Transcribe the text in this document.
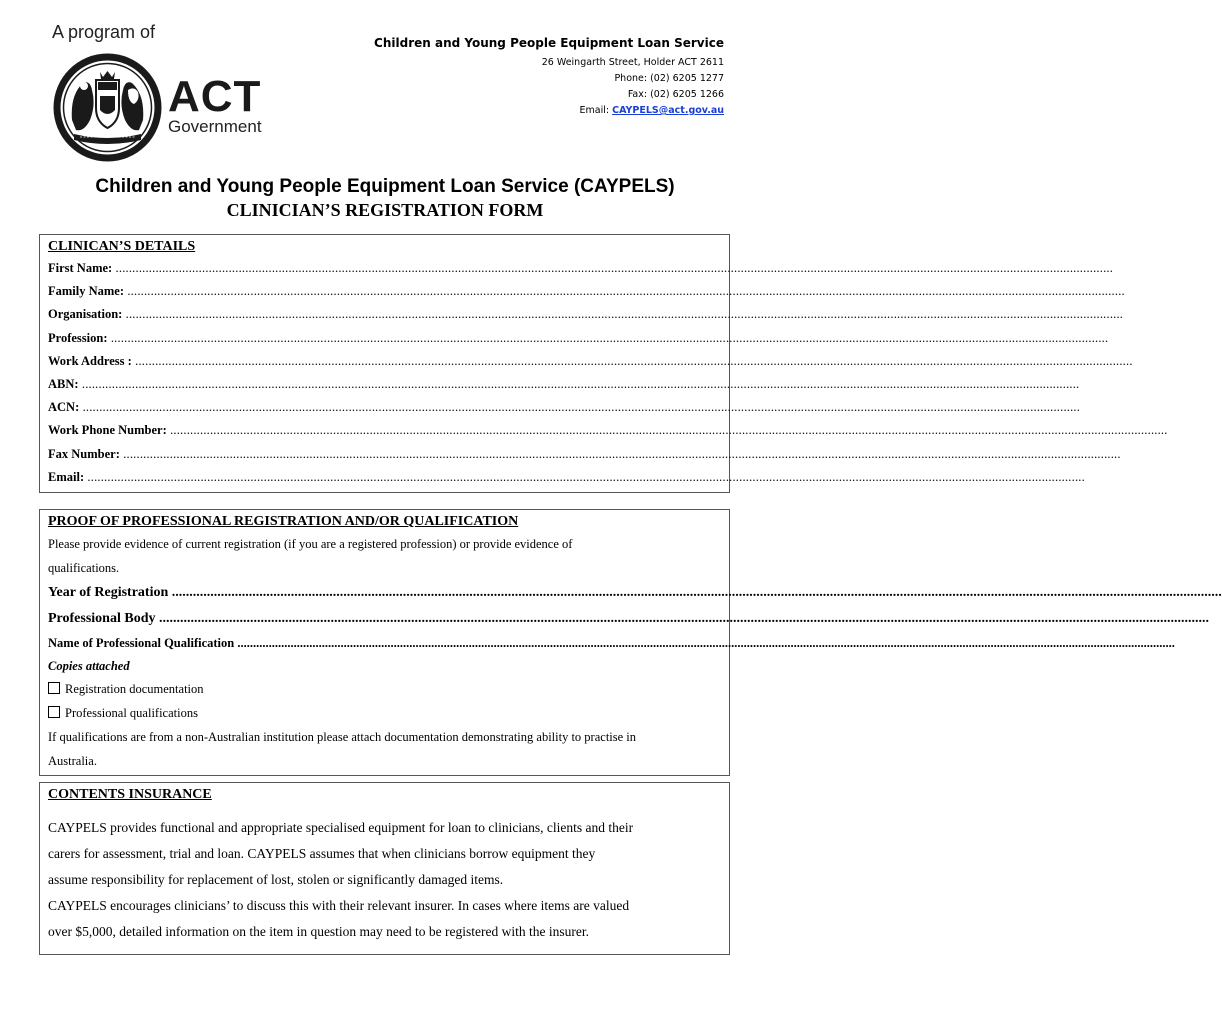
A program of
ACT
Government
Children and Young People Equipment Loan Service
26 Weingarth Street, Holder ACT 2611
Phone: (02) 6205 1277
Fax: (02) 6205 1266
Email: CAYPELS@act.gov.au
Children and Young People Equipment Loan Service (CAYPELS)
CLINICIAN’S REGISTRATION FORM
CLINICAN’S DETAILS
First Name: ............................................................................................................................................................................................................................................................................................................
Family Name: ............................................................................................................................................................................................................................................................................................................
Organisation: ............................................................................................................................................................................................................................................................................................................
Profession: ............................................................................................................................................................................................................................................................................................................
Work Address : ............................................................................................................................................................................................................................................................................................................
ABN: ............................................................................................................................................................................................................................................................................................................
ACN: ............................................................................................................................................................................................................................................................................................................
Work Phone Number: ............................................................................................................................................................................................................................................................................................................
Fax Number: ............................................................................................................................................................................................................................................................................................................
Email: ............................................................................................................................................................................................................................................................................................................
PROOF OF PROFESSIONAL REGISTRATION AND/OR QUALIFICATION
Please provide evidence of current registration (if you are a registered profession) or provide evidence of
qualifications.
Year of Registration ............................................................................................................................................................................................................................................................................................................
Professional Body ............................................................................................................................................................................................................................................................................................................
Name of Professional Qualification ............................................................................................................................................................................................................................................................................................................
Copies attached
Registration documentation
Professional qualifications
If qualifications are from a non-Australian institution please attach documentation demonstrating ability to practise in
Australia.
CONTENTS INSURANCE
CAYPELS provides functional and appropriate specialised equipment for loan to clinicians, clients and their
carers for assessment, trial and loan. CAYPELS assumes that when clinicians borrow equipment they
assume responsibility for replacement of lost, stolen or significantly damaged items.
CAYPELS encourages clinicians’ to discuss this with their relevant insurer. In cases where items are valued
over $5,000, detailed information on the item in question may need to be registered with the insurer.
